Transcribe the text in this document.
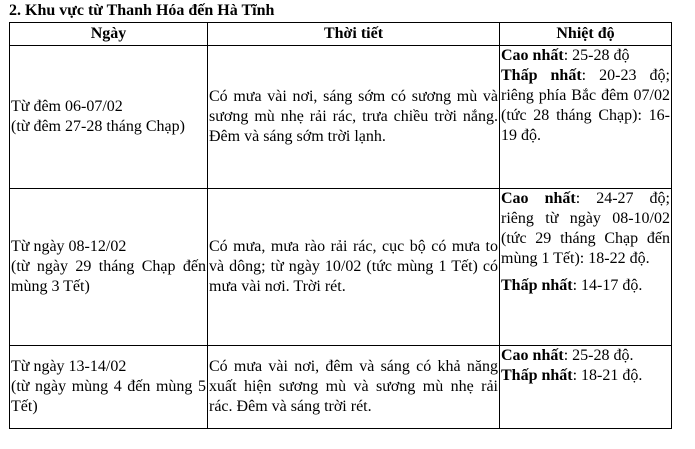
2. Khu vực từ Thanh Hóa đến Hà Tĩnh
Ngày	Thời tiết	Nhiệt độ
Từ đêm 06-07/02
(từ đêm 27-28 tháng Chạp)	Có mưa vài nơi, sáng sớm có sương mù và sương mù nhẹ rải rác, trưa chiều trời nắng. Đêm và sáng sớm trời lạnh.	Cao nhất: 25-28 độ
Thấp nhất: 20-23 độ; riêng phía Bắc đêm 07/02 (tức 28 tháng Chạp): 16-19 độ.

Từ ngày 08-12/02
(từ ngày 29 tháng Chạp đến mùng 3 Tết)	Có mưa, mưa rào rải rác, cục bộ có mưa to và dông; từ ngày 10/02 (tức mùng 1 Tết) có mưa vài nơi. Trời rét.	Cao nhất: 24-27 độ; riêng từ ngày 08-10/02 (tức 29 tháng Chạp đến mùng 1 Tết): 18-22 độ.
Thấp nhất: 14-17 độ.

Từ ngày 13-14/02
(từ ngày mùng 4 đến mùng 5 Tết)	Có mưa vài nơi, đêm và sáng có khả năng xuất hiện sương mù và sương mù nhẹ rải rác. Đêm và sáng trời rét.	Cao nhất: 25-28 độ.
Thấp nhất: 18-21 độ.
